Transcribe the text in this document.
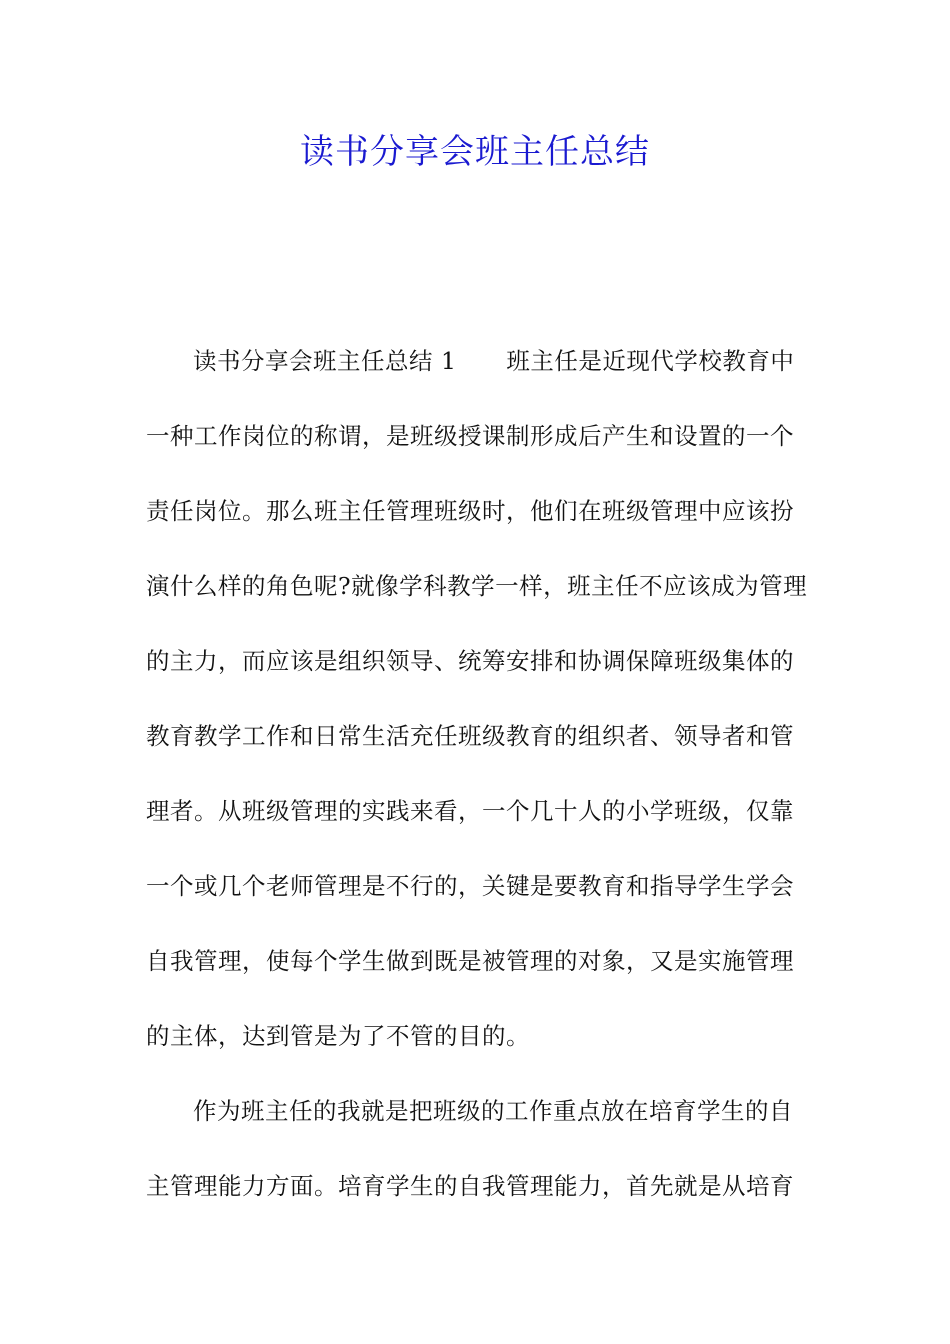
读书分享会班主任总结
读书分享会班主任总结 1 班主任是近现代学校教育中
一种工作岗位的称谓，是班级授课制形成后产生和设置的一个
责任岗位。那么班主任管理班级时，他们在班级管理中应该扮
演什么样的角色呢?就像学科教学一样，班主任不应该成为管理
的主力，而应该是组织领导、统筹安排和协调保障班级集体的
教育教学工作和日常生活充任班级教育的组织者、领导者和管
理者。从班级管理的实践来看，一个几十人的小学班级，仅靠
一个或几个老师管理是不行的，关键是要教育和指导学生学会
自我管理，使每个学生做到既是被管理的对象，又是实施管理
的主体，达到管是为了不管的目的。
作为班主任的我就是把班级的工作重点放在培育学生的自
主管理能力方面。培育学生的自我管理能力，首先就是从培育
